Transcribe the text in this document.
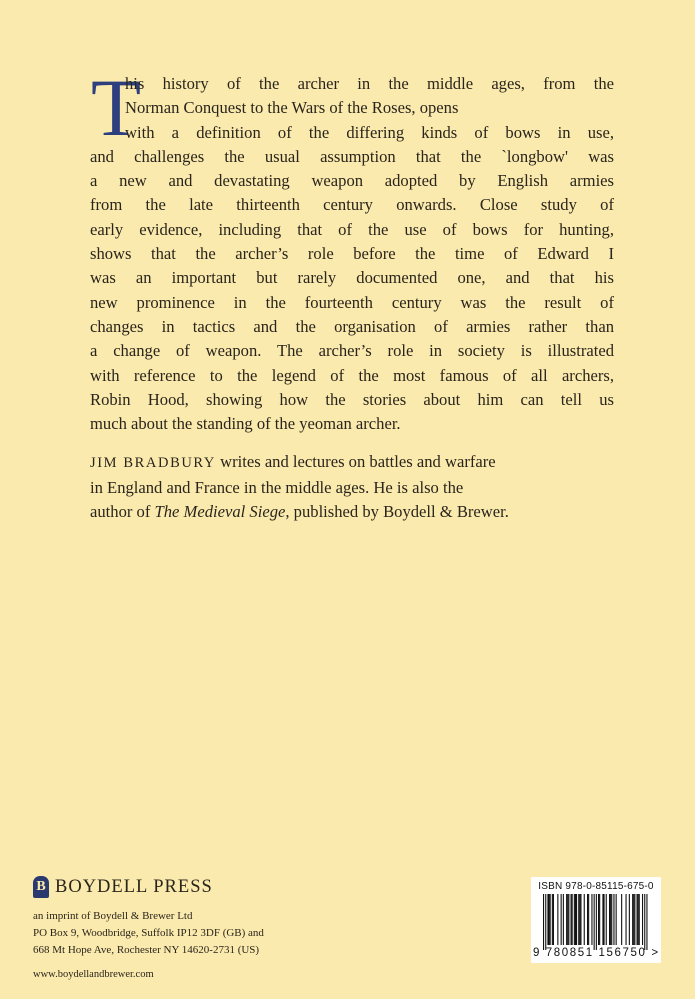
T

his history of the archer in the middle ages, from the
Norman Conquest to the Wars of the Roses, opens
with a definition of the differing kinds of bows in use,
and challenges the usual assumption that the `longbow' was
a new and devastating weapon adopted by English armies
from the late thirteenth century onwards. Close study of
early evidence, including that of the use of bows for hunting,
shows that the archer’s role before the time of Edward I
was an important but rarely documented one, and that his
new prominence in the fourteenth century was the result of
changes in tactics and the organisation of armies rather than
a change of weapon. The archer’s role in society is illustrated
with reference to the legend of the most famous of all archers,
Robin Hood, showing how the stories about him can tell us
much about the standing of the yeoman archer.

JIM BRADBURY writes and lectures on battles and warfare
in England and France in the middle ages. He is also the
author of The Medieval Siege, published by Boydell & Brewer.

B BOYDELL PRESS
an imprint of Boydell & Brewer Ltd
PO Box 9, Woodbridge, Suffolk IP12 3DF (GB) and
668 Mt Hope Ave, Rochester NY 14620-2731 (US)
www.boydellandbrewer.com
ISBN 978-0-85115-675-0
9 780851 156750 >
